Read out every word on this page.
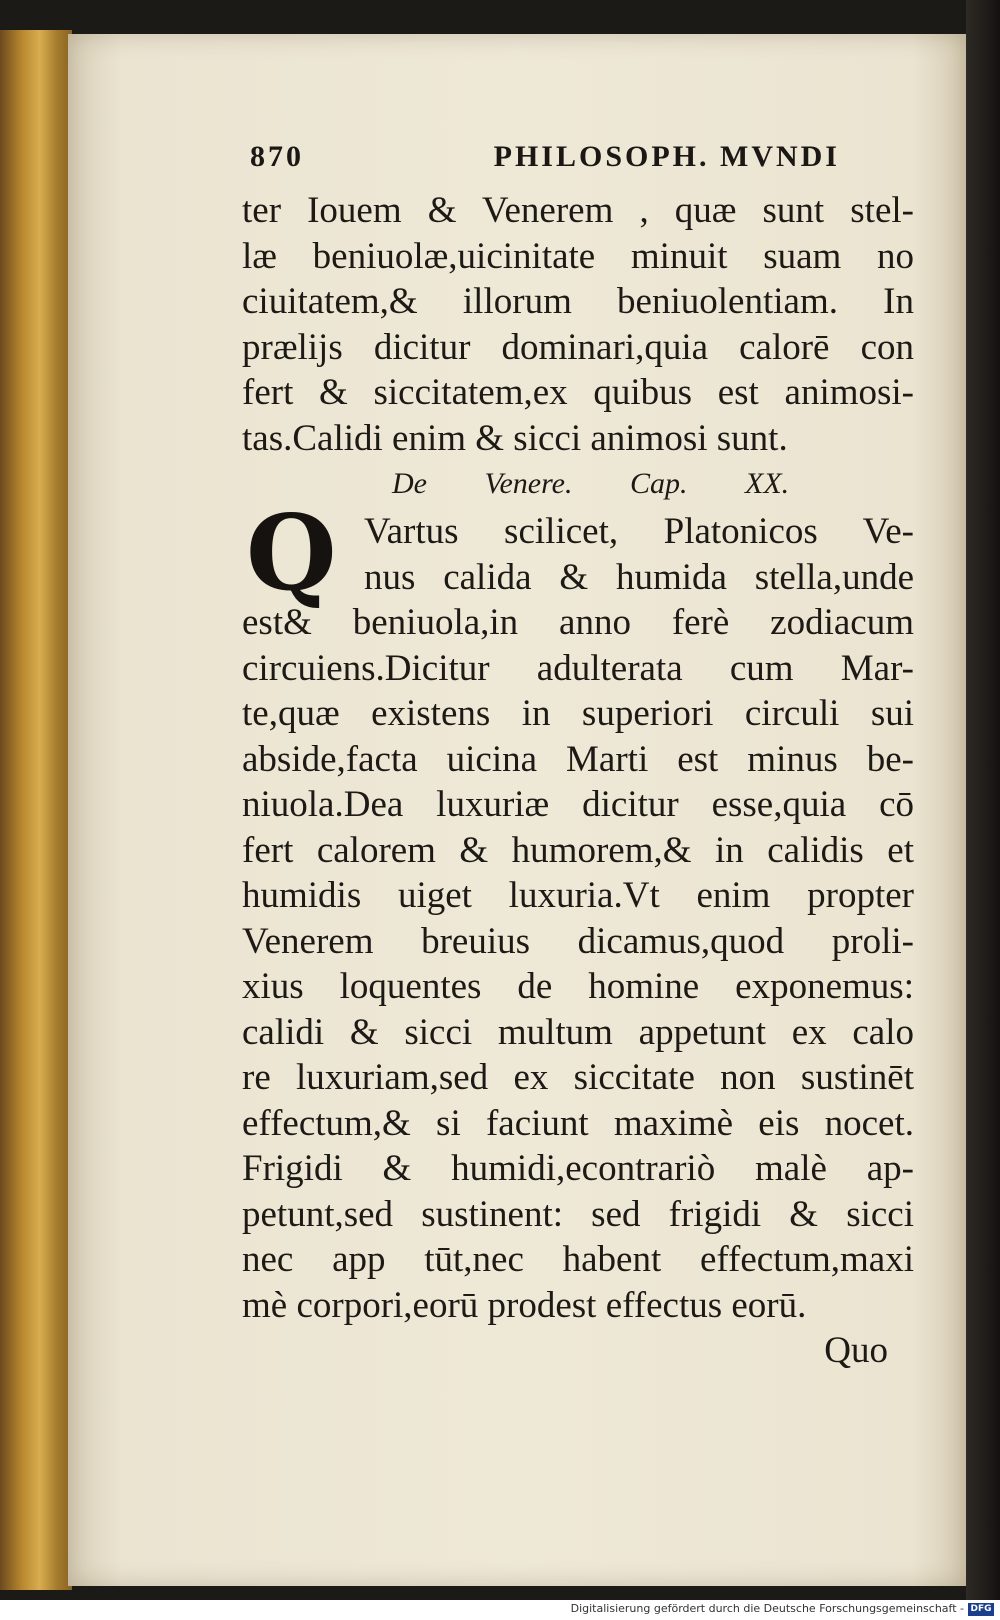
870	PHILOSOPH. MVNDI
ter Iouem & Venerem , quæ sunt stel-
læ beniuolæ,uicinitate minuit suam no
ciuitatem,& illorum beniuolentiam. In
prælijs dicitur dominari,quia calorē con
fert & siccitatem,ex quibus est animosi-
tas.Calidi enim & sicci animosi sunt.
De Venere. Cap. XX.
Q Vartus scilicet, Platonicos Ve-
nus calida & humida stella,unde
est& beniuola,in anno ferè zodiacum
circuiens.Dicitur adulterata cum Mar-
te,quæ existens in superiori circuli sui
abside,facta uicina Marti est minus be-
niuola.Dea luxuriæ dicitur esse,quia cō
fert calorem & humorem,& in calidis et
humidis uiget luxuria.Vt enim propter
Venerem breuius dicamus,quod proli-
xius loquentes de homine exponemus:
calidi & sicci multum appetunt ex calo
re luxuriam,sed ex siccitate non sustinēt
effectum,& si faciunt maximè eis nocet.
Frigidi & humidi,econtrariò malè ap-
petunt,sed sustinent: sed frigidi & sicci
nec app tūt,nec habent effectum,maxi
mè corpori,eorū prodest effectus eorū.
Quo
Digitalisierung gefördert durch die Deutsche Forschungsgemeinschaft - DFG
